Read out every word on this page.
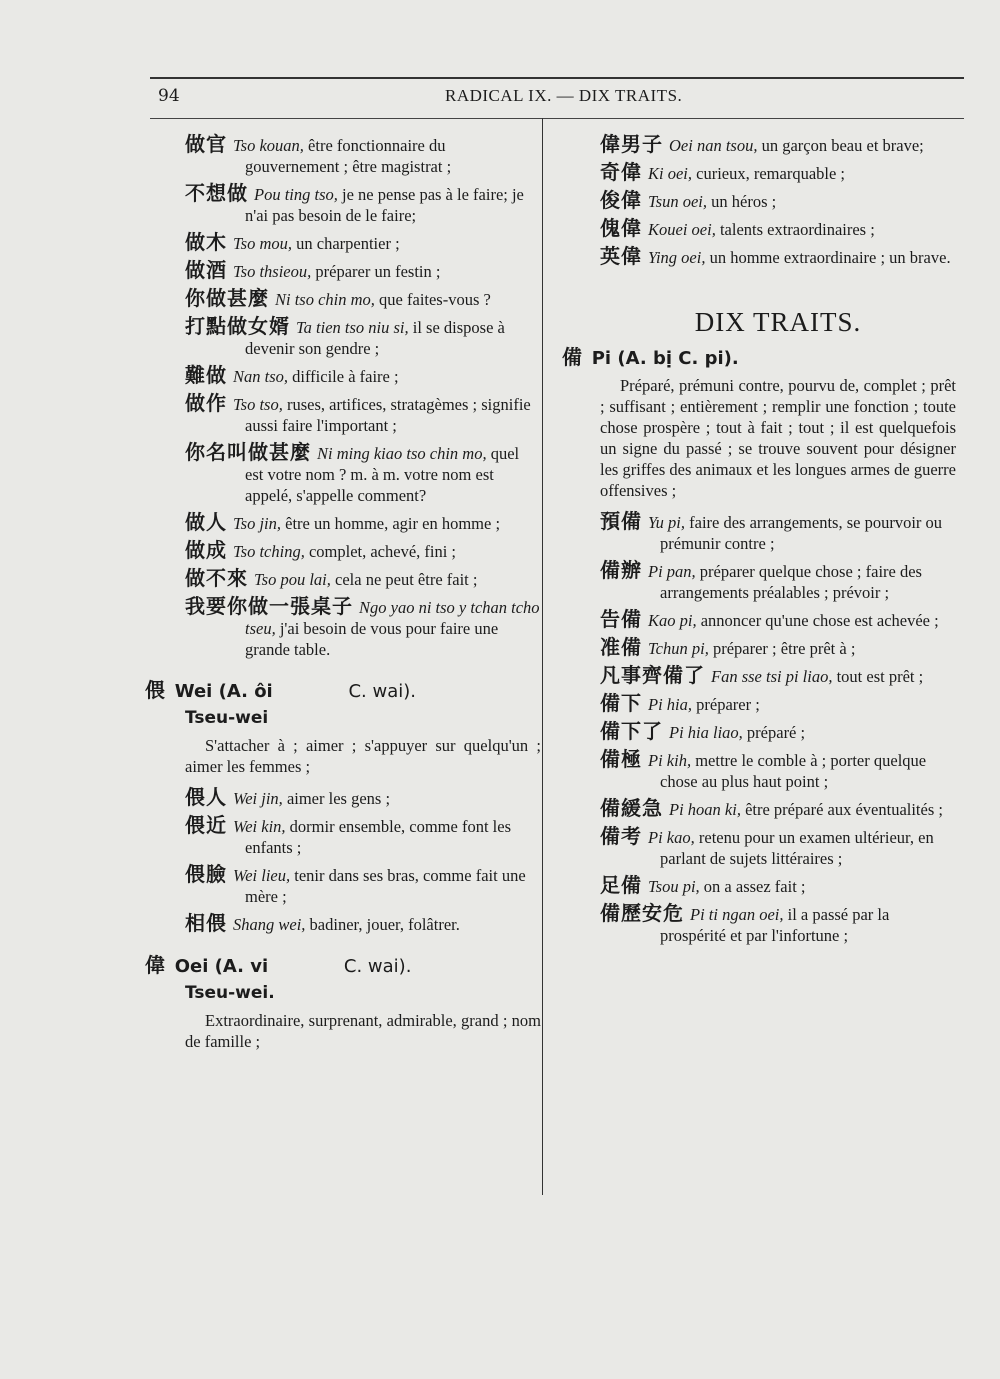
94	RADICAL IX. — DIX TRAITS.
做官 Tso kouan, être fonctionnaire du gouvernement ; être magistrat ;
不想做 Pou ting tso, je ne pense pas à le faire; je n'ai pas besoin de le faire;
做木 Tso mou, un charpentier ;
做酒 Tso thsieou, préparer un festin ;
你做甚麼 Ni tso chin mo, que faites-vous ?
打點做女婿 Ta tien tso niu si, il se dispose à devenir son gendre ;
難做 Nan tso, difficile à faire ;
做作 Tso tso, ruses, artifices, stratagèmes ; signifie aussi faire l'important ;
你名叫做甚麼 Ni ming kiao tso chin mo, quel est votre nom ? m. à m. votre nom est appelé, s'appelle comment?
做人 Tso jin, être un homme, agir en homme ;
做成 Tso tching, complet, achevé, fini ;
做不來 Tso pou lai, cela ne peut être fait ;
我要你做一張桌子 Ngo yao ni tso y tchan tcho tseu, j'ai besoin de vous pour faire une grande table.
偎 Wei (A. ôi	C. wai).
Tseu-wei
S'attacher à ; aimer ; s'appuyer sur quelqu'un ; aimer les femmes ;
偎人 Wei jin, aimer les gens ;
偎近 Wei kin, dormir ensemble, comme font les enfants ;
偎臉 Wei lieu, tenir dans ses bras, comme fait une mère ;
相偎 Shang wei, badiner, jouer, folâtrer.
偉 Oei (A. vi	C. wai).
Tseu-wei.
Extraordinaire, surprenant, admirable, grand ; nom de famille ;
偉男子 Oei nan tsou, un garçon beau et brave;
奇偉 Ki oei, curieux, remarquable ;
俊偉 Tsun oei, un héros ;
傀偉 Kouei oei, talents extraordinaires ;
英偉 Ying oei, un homme extraordinaire ; un brave.
DIX TRAITS.
備 Pi (A. bị C. pi).
Préparé, prémuni contre, pourvu de, complet ; prêt ; suffisant ; entièrement ; remplir une fonction ; toute chose prospère ; tout à fait ; tout ; il est quelquefois un signe du passé ; se trouve souvent pour désigner les griffes des animaux et les longues armes de guerre offensives ;
預備 Yu pi, faire des arrangements, se pourvoir ou prémunir contre ;
備辦 Pi pan, préparer quelque chose ; faire des arrangements préalables ; prévoir ;
告備 Kao pi, annoncer qu'une chose est achevée ;
准備 Tchun pi, préparer ; être prêt à ;
凡事齊備了 Fan sse tsi pi liao, tout est prêt ;
備下 Pi hia, préparer ;
備下了 Pi hia liao, préparé ;
備極 Pi kih, mettre le comble à ; porter quelque chose au plus haut point ;
備緩急 Pi hoan ki, être préparé aux éventualités ;
備考 Pi kao, retenu pour un examen ultérieur, en parlant de sujets littéraires ;
足備 Tsou pi, on a assez fait ;
備歷安危 Pi ti ngan oei, il a passé par la prospérité et par l'infortune ;
